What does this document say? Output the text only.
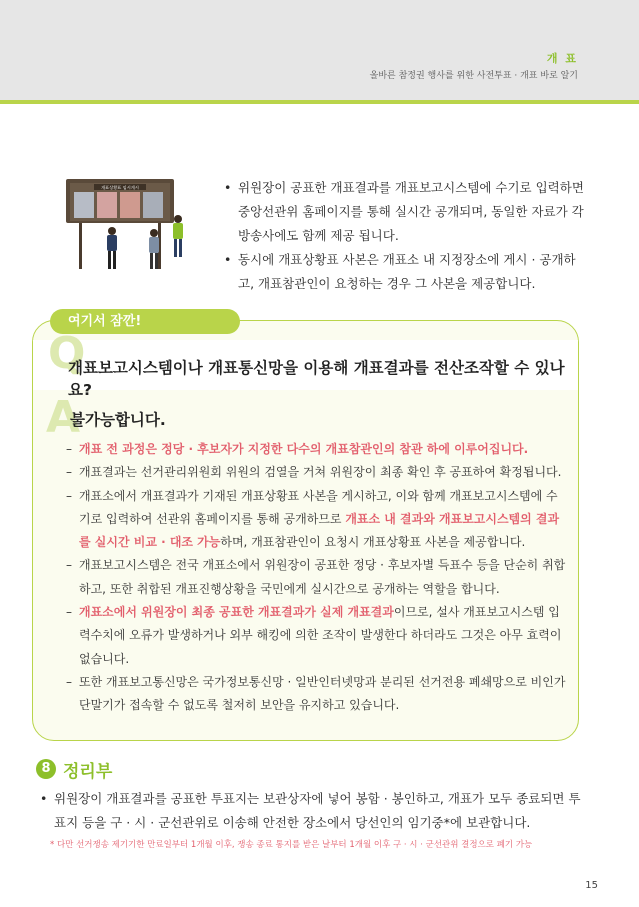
개 표
올바른 참정권 행사를 위한 사전투표 · 개표 바로 알기
개표상황표 임시게시
•	위원장이 공표한 개표결과를 개표보고시스템에 수기로 입력하면 중앙선관위 홈페이지를 통해 실시간 공개되며, 동일한 자료가 각 방송사에도 함께 제공 됩니다.
• 동시에 개표상황표 사본은 개표소 내 지정장소에 게시 · 공개하고, 개표참관인이 요청하는 경우 그 사본을 제공합니다.
여기서 잠깐!
Q
개표보고시스템이나 개표통신망을 이용해 개표결과를 전산조작할 수 있나요?
A
불가능합니다.
– 개표 전 과정은 정당 · 후보자가 지정한 다수의 개표참관인의 참관 하에 이루어집니다.
– 개표결과는 선거관리위원회 위원의 검열을 거쳐 위원장이 최종 확인 후 공표하여 확정됩니다.
– 개표소에서 개표결과가 기재된 개표상황표 사본을 게시하고, 이와 함께 개표보고시스템에 수기로 입력하여 선관위 홈페이지를 통해 공개하므로 개표소 내 결과와 개표보고시스템의 결과를 실시간 비교 · 대조 가능하며, 개표참관인이 요청시 개표상황표 사본을 제공합니다.
– 개표보고시스템은 전국 개표소에서 위원장이 공표한 정당 · 후보자별 득표수 등을 단순히 취합하고, 또한 취합된 개표진행상황을 국민에게 실시간으로 공개하는 역할을 합니다.
– 개표소에서 위원장이 최종 공표한 개표결과가 실제 개표결과이므로, 설사 개표보고시스템 입력수치에 오류가 발생하거나 외부 해킹에 의한 조작이 발생한다 하더라도 그것은 아무 효력이 없습니다.
– 또한 개표보고통신망은 국가정보통신망 · 일반인터넷망과 분리된 선거전용 폐쇄망으로 비인가 단말기가 접속할 수 없도록 철저히 보안을 유지하고 있습니다.
8 정리부
• 위원장이 개표결과를 공표한 투표지는 보관상자에 넣어 봉함 · 봉인하고, 개표가 모두 종료되면 투표지 등을 구 · 시 · 군선관위로 이송해 안전한 장소에서 당선인의 임기중*에 보관합니다.
* 다만 선거쟁송 제기기한 만료일부터 1개월 이후, 쟁송 종료 통지를 받은 날부터 1개월 이후 구 · 시 · 군선관위 결정으로 폐기 가능
15
